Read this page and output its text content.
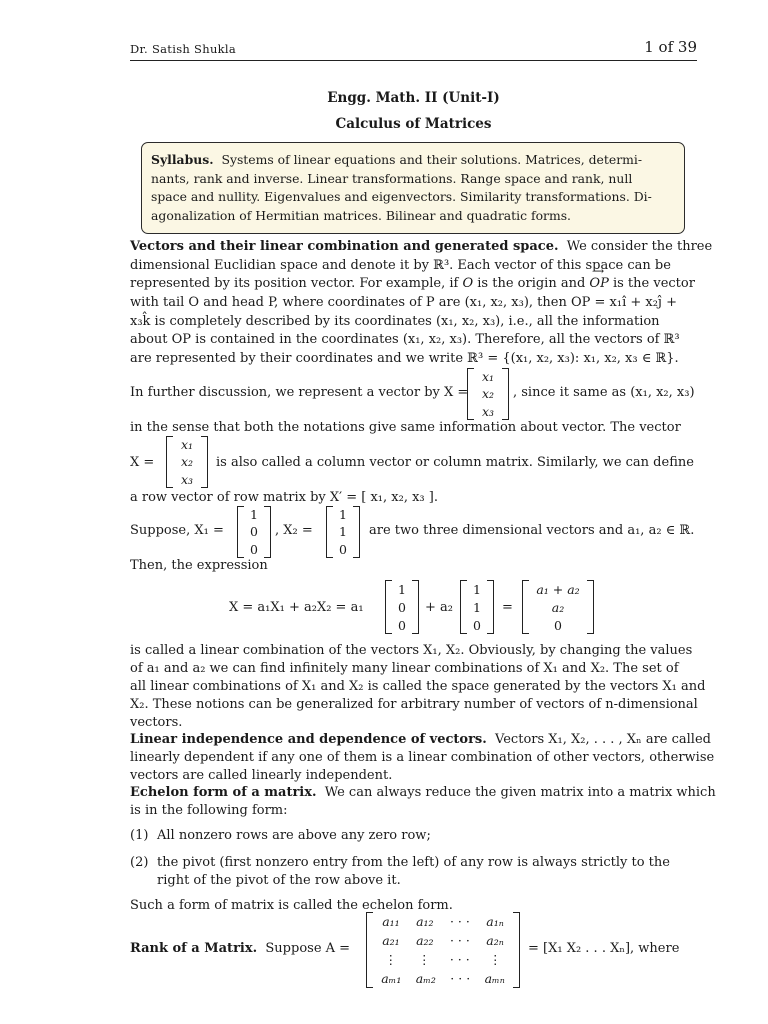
Dr. Satish Shukla	1 of 39
Engg. Math. II (Unit-I)
Calculus of Matrices
Syllabus. Systems of linear equations and their solutions. Matrices, determi-
nants, rank and inverse. Linear transformations. Range space and rank, null
space and nullity. Eigenvalues and eigenvectors. Similarity transformations. Di-
agonalization of Hermitian matrices. Bilinear and quadratic forms.
Vectors and their linear combination and generated space. We consider the three
dimensional Euclidian space and denote it by ℝ³. Each vector of this space can be
represented by its position vector. For example, if O is the origin and → OP is the vector
with tail O and head P, where coordinates of P are (x₁, x₂, x₃), then OP = x₁î + x₂ĵ +
x₃k̂ is completely described by its coordinates (x₁, x₂, x₃), i.e., all the information
about OP is contained in the coordinates (x₁, x₂, x₃). Therefore, all the vectors of ℝ³
are represented by their coordinates and we write ℝ³ = {(x₁, x₂, x₃): x₁, x₂, x₃ ∈ ℝ}.
In further discussion, we represent a vector by X =
x₁
x₂
x₃
, since it same as (x₁, x₂, x₃)
in the sense that both the notations give same information about vector. The vector
X =
x₁
x₂
x₃
is also called a column vector or column matrix. Similarly, we can define
a row vector of row matrix by X′ = [ x₁, x₂, x₃ ].
Suppose, X₁ =
1
0
0
, X₂ =
1
1
0
are two three dimensional vectors and a₁, a₂ ∈ ℝ.
Then, the expression
X = a₁X₁ + a₂X₂ = a₁
1
0
0
+ a₂
1
1
0
=
a₁ + a₂
a₂
0
is called a linear combination of the vectors X₁, X₂. Obviously, by changing the values
of a₁ and a₂ we can find infinitely many linear combinations of X₁ and X₂. The set of
all linear combinations of X₁ and X₂ is called the space generated by the vectors X₁ and
X₂. These notions can be generalized for arbitrary number of vectors of n-dimensional
vectors.
Linear independence and dependence of vectors. Vectors X₁, X₂, . . . , Xₙ are called
linearly dependent if any one of them is a linear combination of other vectors, otherwise
vectors are called linearly independent.
Echelon form of a matrix. We can always reduce the given matrix into a matrix which
is in the following form:
(1) All nonzero rows are above any zero row;
(2) the pivot (first nonzero entry from the left) of any row is always strictly to the
right of the pivot of the row above it.
Such a form of matrix is called the echelon form.
Rank of a Matrix. Suppose A =
a₁₁ a₁₂ · · · a₁ₙ
a₂₁ a₂₂ · · · a₂ₙ
⋮ ⋮ · · · ⋮
aₘ₁ aₘ₂ · · · aₘₙ
= [X₁ X₂ . . . Xₙ], where
